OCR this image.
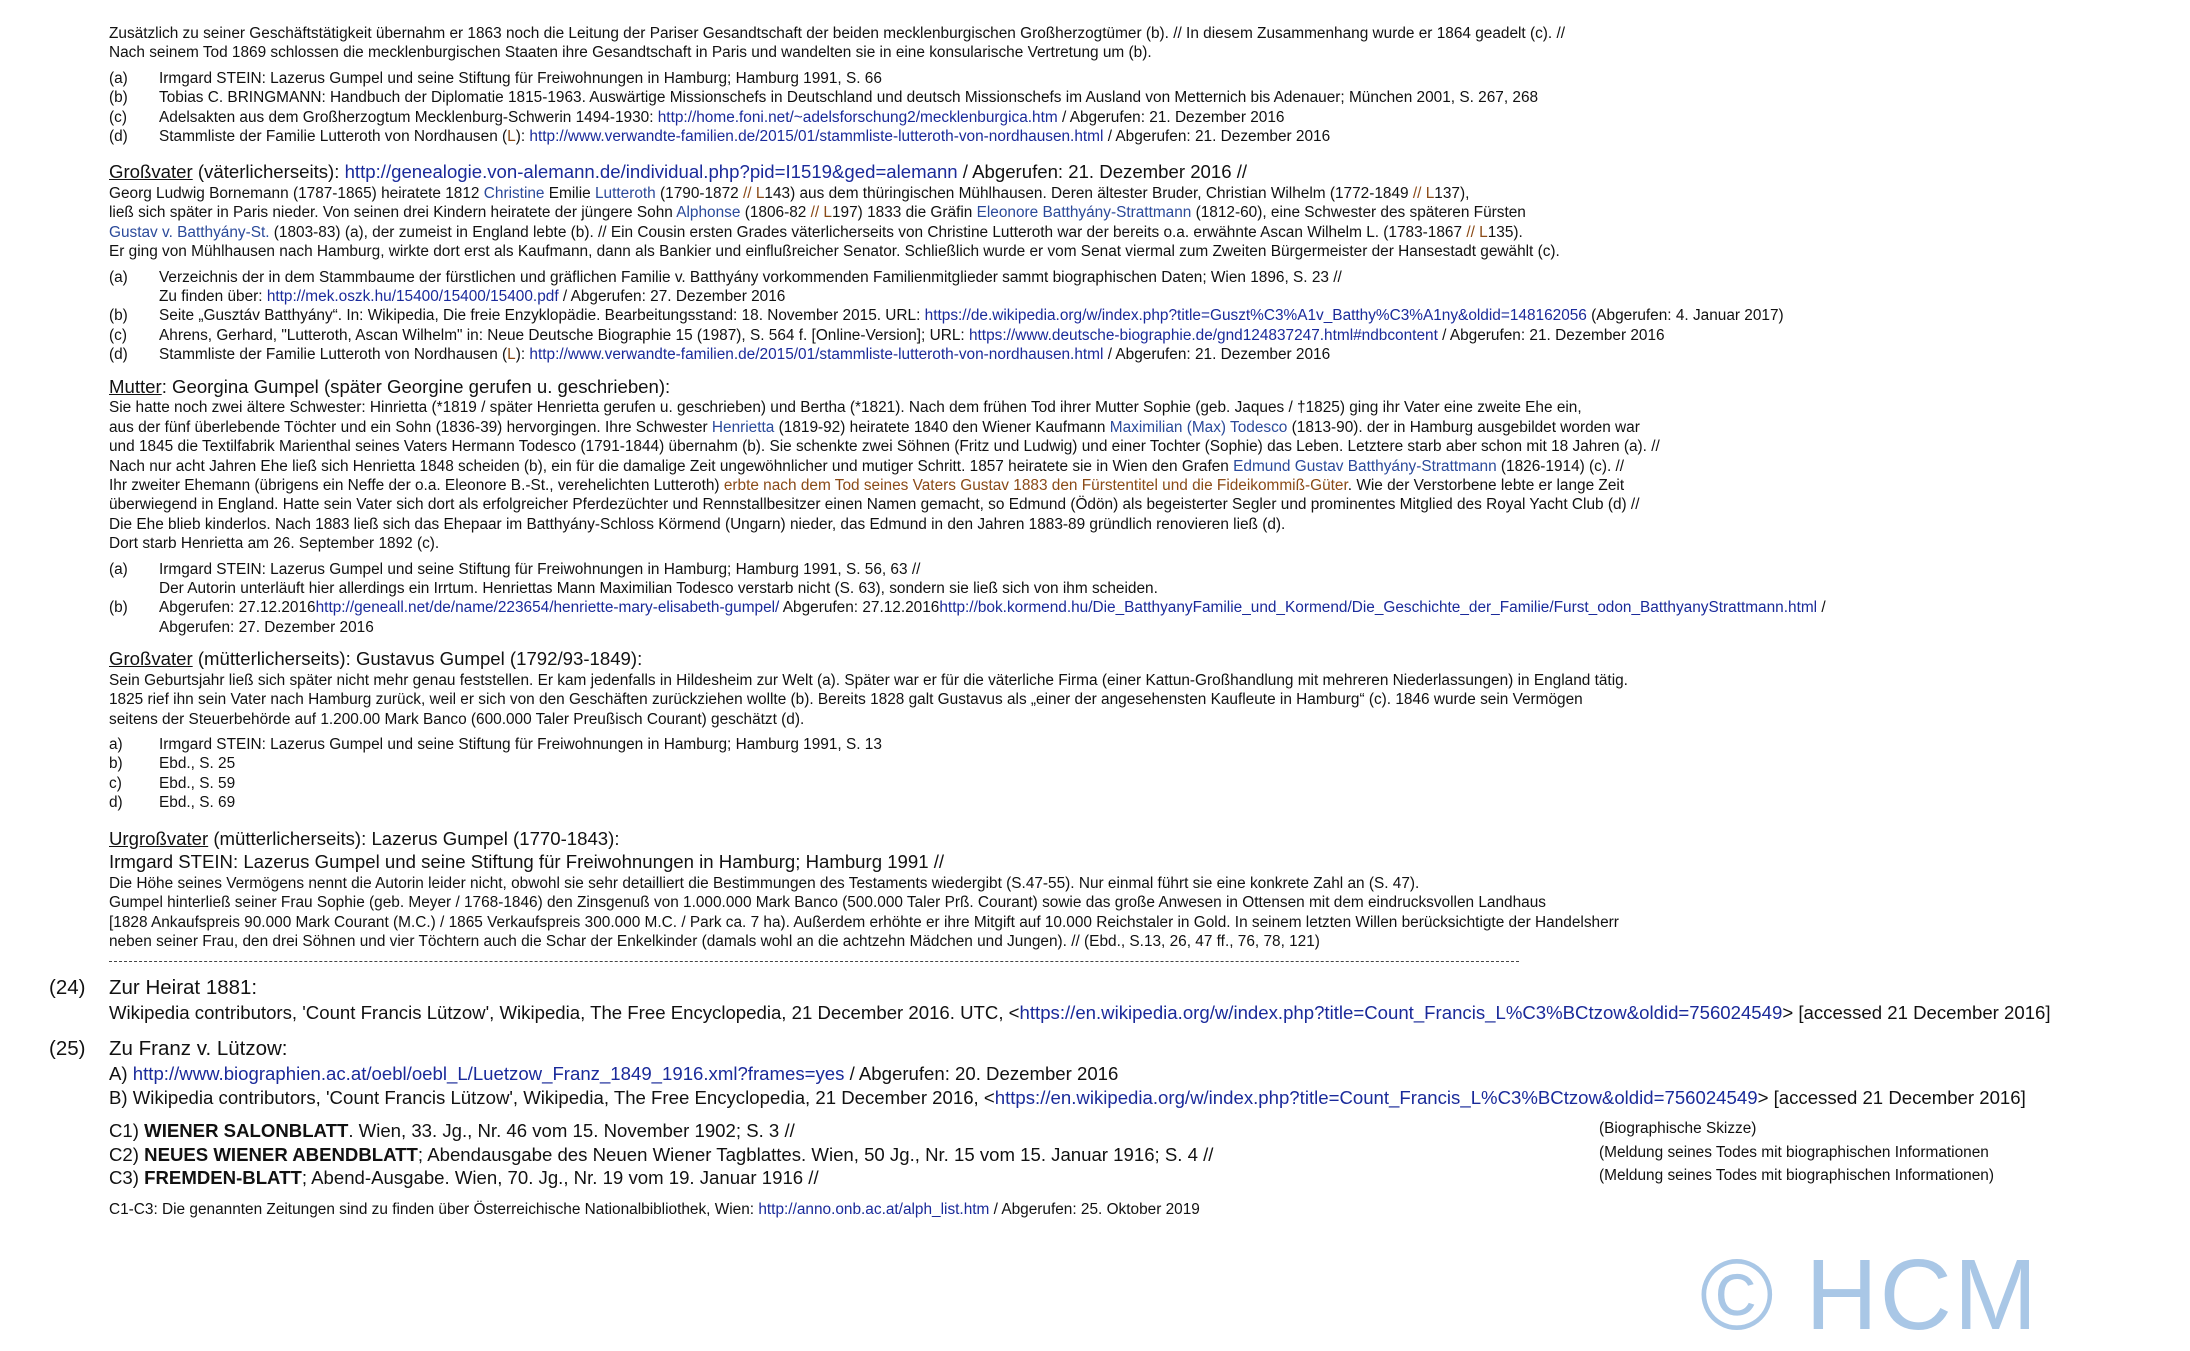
Zusätzlich zu seiner Geschäftstätigkeit übernahm er 1863 noch die Leitung der Pariser Gesandtschaft der beiden mecklenburgischen Großherzogtümer (b). // In diesem Zusammenhang wurde er 1864 geadelt (c). //
Nach seinem Tod 1869 schlossen die mecklenburgischen Staaten ihre Gesandtschaft in Paris und wandelten sie in eine konsularische Vertretung um (b).
(a)	Irmgard STEIN: Lazerus Gumpel und seine Stiftung für Freiwohnungen in Hamburg; Hamburg 1991, S. 66
(b)	Tobias C. BRINGMANN: Handbuch der Diplomatie 1815-1963. Auswärtige Missionschefs in Deutschland und deutsch Missionschefs im Ausland von Metternich bis Adenauer; München 2001, S. 267, 268
(c)	Adelsakten aus dem Großherzogtum Mecklenburg-Schwerin 1494-1930: http://home.foni.net/~adelsforschung2/mecklenburgica.htm / Abgerufen: 21. Dezember 2016
(d)	Stammliste der Familie Lutteroth von Nordhausen (L): http://www.verwandte-familien.de/2015/01/stammliste-lutteroth-von-nordhausen.html / Abgerufen: 21. Dezember 2016
Großvater (väterlicherseits): http://genealogie.von-alemann.de/individual.php?pid=I1519&ged=alemann / Abgerufen: 21. Dezember 2016 //
Georg Ludwig Bornemann (1787-1865) heiratete 1812 Christine Emilie Lutteroth (1790-1872 // L143) aus dem thüringischen Mühlhausen. Deren ältester Bruder, Christian Wilhelm (1772-1849 // L137),
ließ sich später in Paris nieder. Von seinen drei Kindern heiratete der jüngere Sohn Alphonse (1806-82 // L197) 1833 die Gräfin Eleonore Batthyány-Strattmann (1812-60), eine Schwester des späteren Fürsten
Gustav v. Batthyány-St. (1803-83) (a), der zumeist in England lebte (b). // Ein Cousin ersten Grades väterlicherseits von Christine Lutteroth war der bereits o.a. erwähnte Ascan Wilhelm L. (1783-1867 // L135).
Er ging von Mühlhausen nach Hamburg, wirkte dort erst als Kaufmann, dann als Bankier und einflußreicher Senator. Schließlich wurde er vom Senat viermal zum Zweiten Bürgermeister der Hansestadt gewählt (c).
(a)	Verzeichnis der in dem Stammbaume der fürstlichen und gräflichen Familie v. Batthyány vorkommenden Familienmitglieder sammt biographischen Daten; Wien 1896, S. 23 //
Zu finden über: http://mek.oszk.hu/15400/15400/15400.pdf / Abgerufen: 27. Dezember 2016
(b)	Seite „Gusztáv Batthyány“. In: Wikipedia, Die freie Enzyklopädie. Bearbeitungsstand: 18. November 2015. URL: https://de.wikipedia.org/w/index.php?title=Guszt%C3%A1v_Batthy%C3%A1ny&oldid=148162056 (Abgerufen: 4. Januar 2017)
(c)	Ahrens, Gerhard, "Lutteroth, Ascan Wilhelm" in: Neue Deutsche Biographie 15 (1987), S. 564 f. [Online-Version]; URL: https://www.deutsche-biographie.de/gnd124837247.html#ndbcontent / Abgerufen: 21. Dezember 2016
(d)	Stammliste der Familie Lutteroth von Nordhausen (L): http://www.verwandte-familien.de/2015/01/stammliste-lutteroth-von-nordhausen.html / Abgerufen: 21. Dezember 2016
Mutter: Georgina Gumpel (später Georgine gerufen u. geschrieben):
Sie hatte noch zwei ältere Schwester: Hinrietta (*1819 / später Henrietta gerufen u. geschrieben) und Bertha (*1821). Nach dem frühen Tod ihrer Mutter Sophie (geb. Jaques / †1825) ging ihr Vater eine zweite Ehe ein,
aus der fünf überlebende Töchter und ein Sohn (1836-39) hervorgingen. Ihre Schwester Henrietta (1819-92) heiratete 1840 den Wiener Kaufmann Maximilian (Max) Todesco (1813-90). der in Hamburg ausgebildet worden war
und 1845 die Textilfabrik Marienthal seines Vaters Hermann Todesco (1791-1844) übernahm (b). Sie schenkte zwei Söhnen (Fritz und Ludwig) und einer Tochter (Sophie) das Leben. Letztere starb aber schon mit 18 Jahren (a). //
Nach nur acht Jahren Ehe ließ sich Henrietta 1848 scheiden (b), ein für die damalige Zeit ungewöhnlicher und mutiger Schritt. 1857 heiratete sie in Wien den Grafen Edmund Gustav Batthyány-Strattmann (1826-1914) (c). //
Ihr zweiter Ehemann (übrigens ein Neffe der o.a. Eleonore B.-St., verehelichten Lutteroth) erbte nach dem Tod seines Vaters Gustav 1883 den Fürstentitel und die Fideikommiß-Güter. Wie der Verstorbene lebte er lange Zeit
überwiegend in England. Hatte sein Vater sich dort als erfolgreicher Pferdezüchter und Rennstallbesitzer einen Namen gemacht, so Edmund (Ödön) als begeisterter Segler und prominentes Mitglied des Royal Yacht Club (d) //
Die Ehe blieb kinderlos. Nach 1883 ließ sich das Ehepaar im Batthyány-Schloss Körmend (Ungarn) nieder, das Edmund in den Jahren 1883-89 gründlich renovieren ließ (d).
Dort starb Henrietta am 26. September 1892 (c).
(a)	Irmgard STEIN: Lazerus Gumpel und seine Stiftung für Freiwohnungen in Hamburg; Hamburg 1991, S. 56, 63 //
Der Autorin unterläuft hier allerdings ein Irrtum. Henriettas Mann Maximilian Todesco verstarb nicht (S. 63), sondern sie ließ sich von ihm scheiden.
(b)	Abgerufen: 27.12.2016http://geneall.net/de/name/223654/henriette-mary-elisabeth-gumpel/ Abgerufen: 27.12.2016http://bok.kormend.hu/Die_BatthyanyFamilie_und_Kormend/Die_Geschichte_der_Familie/Furst_odon_BatthyanyStrattmann.html /
Abgerufen: 27. Dezember 2016
Großvater (mütterlicherseits): Gustavus Gumpel (1792/93-1849):
Sein Geburtsjahr ließ sich später nicht mehr genau feststellen. Er kam jedenfalls in Hildesheim zur Welt (a). Später war er für die väterliche Firma (einer Kattun-Großhandlung mit mehreren Niederlassungen) in England tätig.
1825 rief ihn sein Vater nach Hamburg zurück, weil er sich von den Geschäften zurückziehen wollte (b). Bereits 1828 galt Gustavus als „einer der angesehensten Kaufleute in Hamburg“ (c). 1846 wurde sein Vermögen
seitens der Steuerbehörde auf 1.200.00 Mark Banco (600.000 Taler Preußisch Courant) geschätzt (d).
a)	Irmgard STEIN: Lazerus Gumpel und seine Stiftung für Freiwohnungen in Hamburg; Hamburg 1991, S. 13
b)	Ebd., S. 25
c)	Ebd., S. 59
d)	Ebd., S. 69
Urgroßvater (mütterlicherseits): Lazerus Gumpel (1770-1843):
Irmgard STEIN: Lazerus Gumpel und seine Stiftung für Freiwohnungen in Hamburg; Hamburg 1991 //
Die Höhe seines Vermögens nennt die Autorin leider nicht, obwohl sie sehr detailliert die Bestimmungen des Testaments wiedergibt (S.47-55). Nur einmal führt sie eine konkrete Zahl an (S. 47).
Gumpel hinterließ seiner Frau Sophie (geb. Meyer / 1768-1846) den Zinsgenuß von 1.000.000 Mark Banco (500.000 Taler Prß. Courant) sowie das große Anwesen in Ottensen mit dem eindrucksvollen Landhaus
[1828 Ankaufspreis 90.000 Mark Courant (M.C.) / 1865 Verkaufspreis 300.000 M.C. / Park ca. 7 ha). Außerdem erhöhte er ihre Mitgift auf 10.000 Reichstaler in Gold. In seinem letzten Willen berücksichtigte der Handelsherr
neben seiner Frau, den drei Söhnen und vier Töchtern auch die Schar der Enkelkinder (damals wohl an die achtzehn Mädchen und Jungen). // (Ebd., S.13, 26, 47 ff., 76, 78, 121)
(24) Zur Heirat 1881:
Wikipedia contributors, 'Count Francis Lützow', Wikipedia, The Free Encyclopedia, 21 December 2016. UTC, <https://en.wikipedia.org/w/index.php?title=Count_Francis_L%C3%BCtzow&oldid=756024549> [accessed 21 December 2016]
(25) Zu Franz v. Lützow:
A) http://www.biographien.ac.at/oebl/oebl_L/Luetzow_Franz_1849_1916.xml?frames=yes / Abgerufen: 20. Dezember 2016
B) Wikipedia contributors, 'Count Francis Lützow', Wikipedia, The Free Encyclopedia, 21 December 2016, <https://en.wikipedia.org/w/index.php?title=Count_Francis_L%C3%BCtzow&oldid=756024549> [accessed 21 December 2016]
C1) WIENER SALONBLATT. Wien, 33. Jg., Nr. 46 vom 15. November 1902; S. 3 //	(Biographische Skizze)
C2) NEUES WIENER ABENDBLATT; Abendausgabe des Neuen Wiener Tagblattes. Wien, 50 Jg., Nr. 15 vom 15. Januar 1916; S. 4 //	(Meldung seines Todes mit biographischen Informationen
C3) FREMDEN-BLATT; Abend-Ausgabe. Wien, 70. Jg., Nr. 19 vom 19. Januar 1916 //	(Meldung seines Todes mit biographischen Informationen)
C1-C3: Die genannten Zeitungen sind zu finden über Österreichische Nationalbibliothek, Wien: http://anno.onb.ac.at/alph_list.htm / Abgerufen: 25. Oktober 2019
© HCM
